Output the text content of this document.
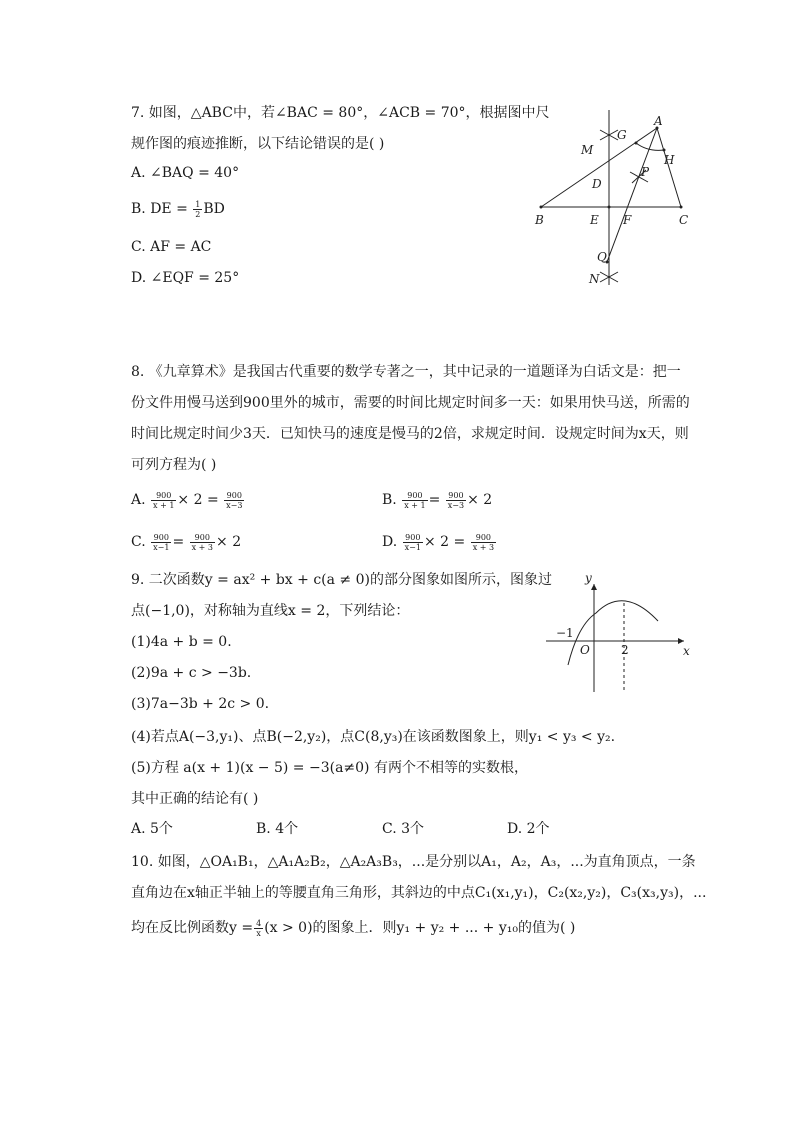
7. 如图，△ABC中，若∠BAC = 80°，∠ACB = 70°，根据图中尺
规作图的痕迹推断，以下结论错误的是( )
A. ∠BAQ = 40°
B. DE = $\frac{1}{2}$ BD
C. AF = AC
D. ∠EQF = 25°
A
B	C
D
E F
G
H
M
N
P
Q
8. 《九章算术》是我国古代重要的数学专著之一，其中记录的一道题译为白话文是：把一
份文件用慢马送到900里外的城市，需要的时间比规定时间多一天：如果用快马送，所需的
时间比规定时间少3天．已知快马的速度是慢马的2倍，求规定时间．设规定时间为x天，则
可列方程为( )
A. $\frac{900}{x + 1} \times 2 = \frac{900}{x-3}$	B. $\frac{900}{x + 1} = \frac{900}{x-3} \times 2$
C. $\frac{900}{x-1} = \frac{900}{x + 3} \times 2$	D. $\frac{900}{x-1} \times 2 = \frac{900}{x + 3}$
9. 二次函数y = ax² + bx + c(a ≠ 0)的部分图象如图所示，图象过
点(−1,0)，对称轴为直线x = 2，下列结论：
(1)4a + b = 0.
(2)9a + c > −3b.
(3)7a−3b + 2c > 0.
(4)若点A(−3,y₁)、点B(−2,y₂)，点C(8,y₃)在该函数图象上，则y₁ < y₃ < y₂.
(5)方程 a(x + 1)(x − 5) = −3(a≠0) 有两个不相等的实数根，
其中正确的结论有( )
A. 5个	B. 4个	C. 3个	D. 2个
y
x
O
−1
2
10. 如图，△OA₁B₁，△A₁A₂B₂，△A₂A₃B₃，...是分别以A₁，A₂，A₃，...为直角顶点，一条
直角边在x轴正半轴上的等腰直角三角形，其斜边的中点C₁(x₁,y₁)，C₂(x₂,y₂)，C₃(x₃,y₃)，...
均在反比例函数$y = \frac{4}{x} (x > 0)$的图象上．则y₁ + y₂ + ... + y₁₀的值为( )
